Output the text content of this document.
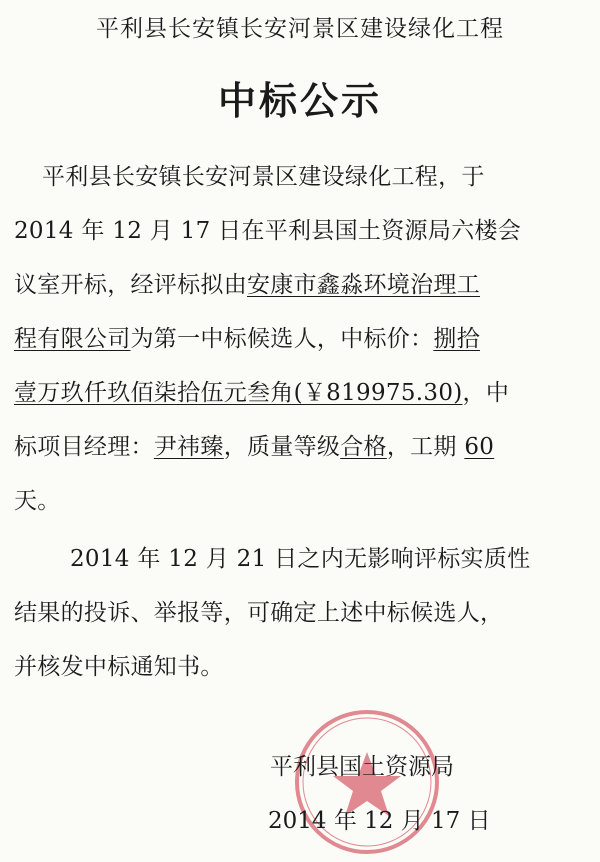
平利县长安镇长安河景区建设绿化工程
中标公示
平利县长安镇长安河景区建设绿化工程，于
2014 年 12 月 17 日在平利县国土资源局六楼会
议室开标，经评标拟由安康市鑫淼环境治理工
程有限公司为第一中标候选人，中标价：捌拾
壹万玖仟玖佰柒拾伍元叁角(￥819975.30)，中
标项目经理：尹祎臻，质量等级合格，工期 60
天。
2014 年 12 月 21 日之内无影响评标实质性
结果的投诉、举报等，可确定上述中标候选人，
并核发中标通知书。
平利县国土资源局
2014 年 12 月 17 日
